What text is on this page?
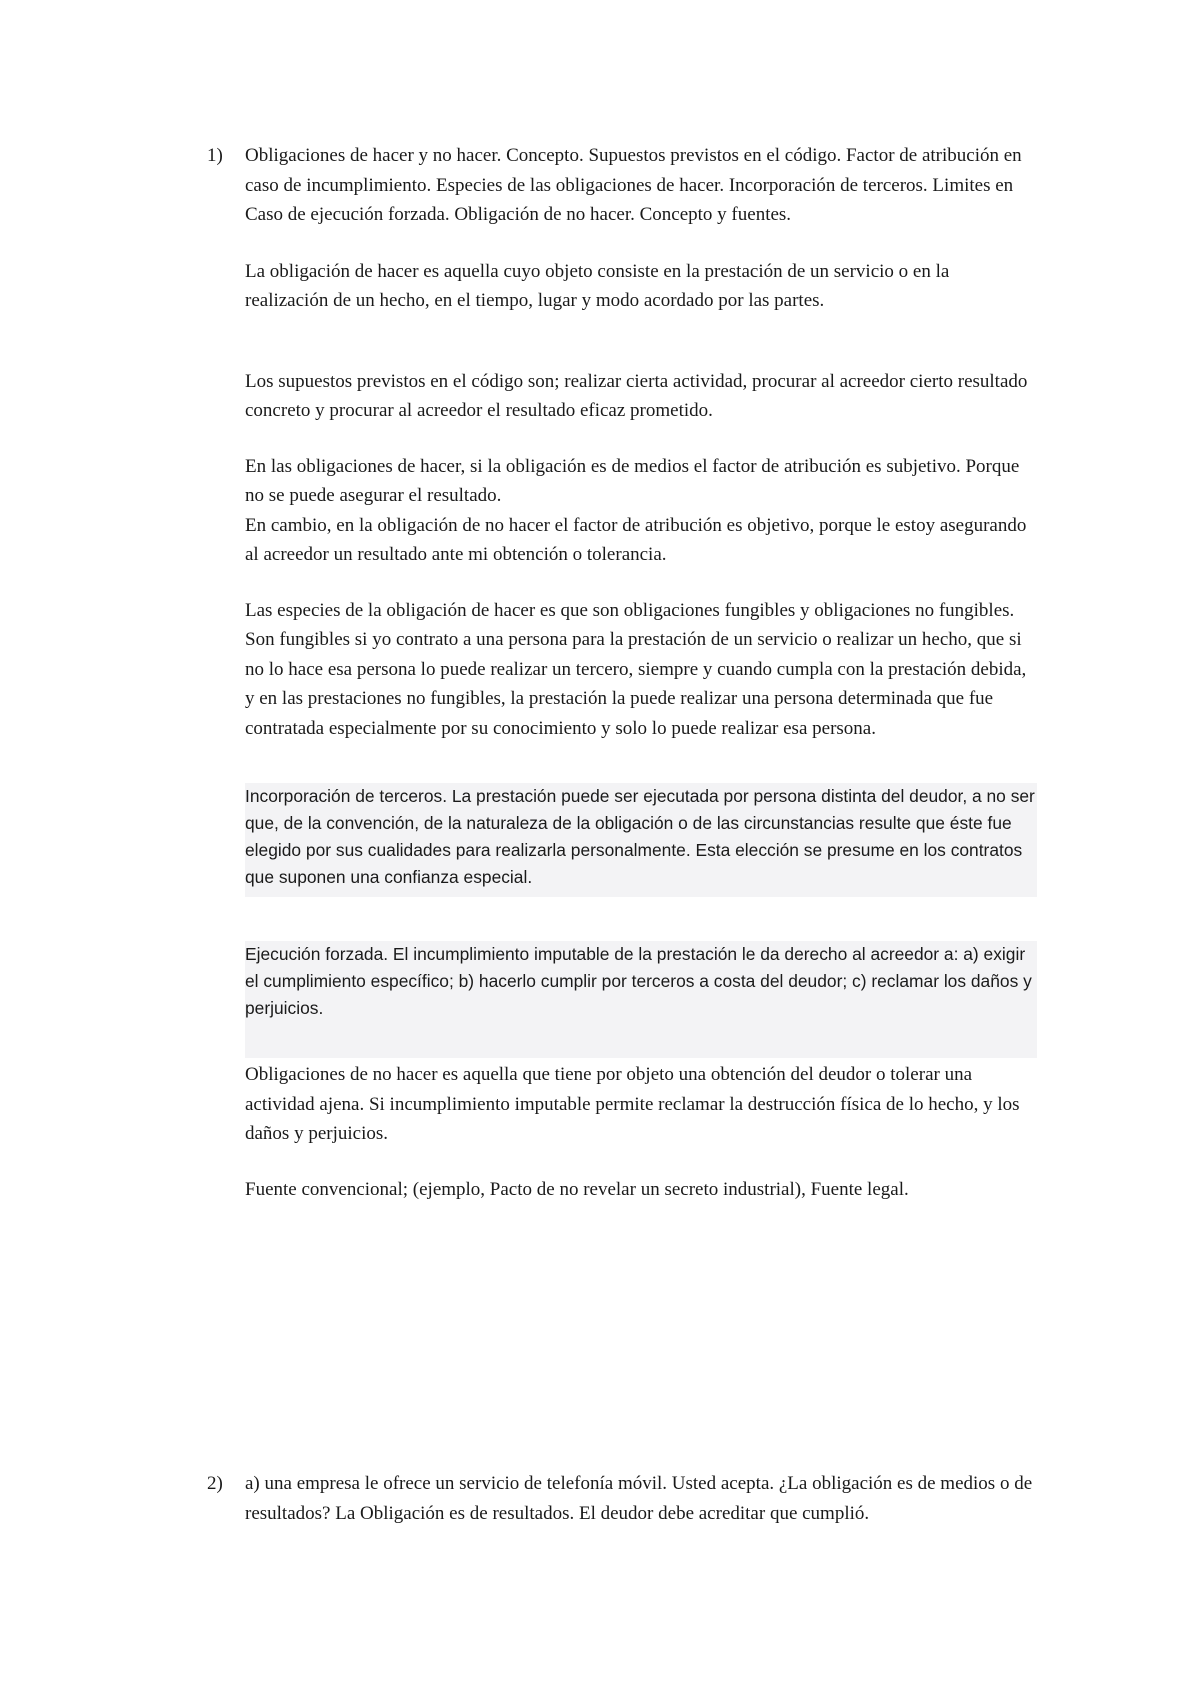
1) Obligaciones de hacer y no hacer. Concepto. Supuestos previstos en el código. Factor de atribución en caso de incumplimiento. Especies de las obligaciones de hacer. Incorporación de terceros. Limites en Caso de ejecución forzada. Obligación de no hacer. Concepto y fuentes.

La obligación de hacer es aquella cuyo objeto consiste en la prestación de un servicio o en la realización de un hecho, en el tiempo, lugar y modo acordado por las partes.

Los supuestos previstos en el código son; realizar cierta actividad, procurar al acreedor cierto resultado concreto y procurar al acreedor el resultado eficaz prometido.

En las obligaciones de hacer, si la obligación es de medios el factor de atribución es subjetivo. Porque no se puede asegurar el resultado.

En cambio, en la obligación de no hacer el factor de atribución es objetivo, porque le estoy asegurando al acreedor un resultado ante mi obtención o tolerancia.

Las especies de la obligación de hacer es que son obligaciones fungibles y obligaciones no fungibles.

Son fungibles si yo contrato a una persona para la prestación de un servicio o realizar un hecho, que si no lo hace esa persona lo puede realizar un tercero, siempre y cuando cumpla con la prestación debida, y en las prestaciones no fungibles, la prestación la puede realizar una persona determinada que fue contratada especialmente por su conocimiento y solo lo puede realizar esa persona.

Incorporación de terceros. La prestación puede ser ejecutada por persona distinta del deudor, a no ser que, de la convención, de la naturaleza de la obligación o de las circunstancias resulte que éste fue elegido por sus cualidades para realizarla personalmente. Esta elección se presume en los contratos que suponen una confianza especial.

Ejecución forzada. El incumplimiento imputable de la prestación le da derecho al acreedor a: a) exigir el cumplimiento específico; b) hacerlo cumplir por terceros a costa del deudor; c) reclamar los daños y perjuicios.

Obligaciones de no hacer es aquella que tiene por objeto una obtención del deudor o tolerar una actividad ajena. Si incumplimiento imputable permite reclamar la destrucción física de lo hecho, y los daños y perjuicios.

Fuente convencional; (ejemplo, Pacto de no revelar un secreto industrial), Fuente legal.

2) a) una empresa le ofrece un servicio de telefonía móvil. Usted acepta. ¿La obligación es de medios o de resultados? La Obligación es de resultados. El deudor debe acreditar que cumplió.
